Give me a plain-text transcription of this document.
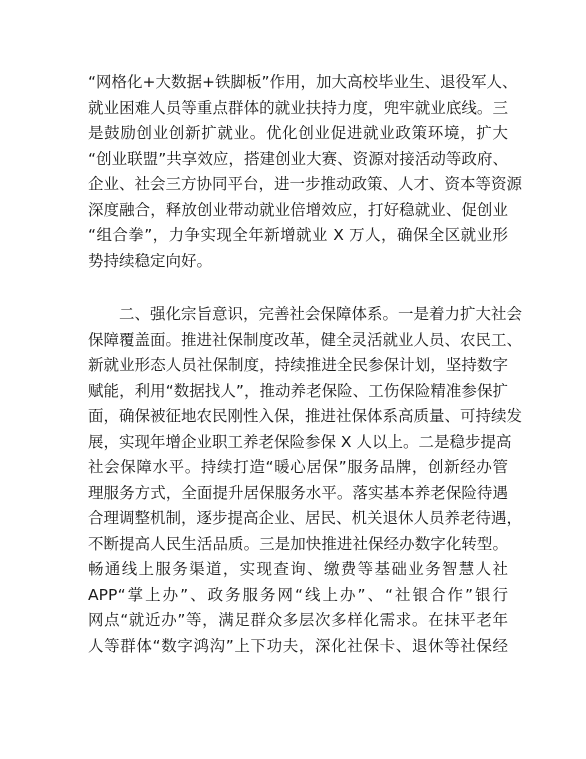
“网格化+大数据+铁脚板”作用，加大高校毕业生、退役军人、
就业困难人员等重点群体的就业扶持力度，兜牢就业底线。三
是鼓励创业创新扩就业。优化创业促进就业政策环境，扩大
“创业联盟”共享效应，搭建创业大赛、资源对接活动等政府、
企业、社会三方协同平台，进一步推动政策、人才、资本等资源
深度融合，释放创业带动就业倍增效应，打好稳就业、促创业
“组合拳”，力争实现全年新增就业 X 万人，确保全区就业形
势持续稳定向好。
二、强化宗旨意识，完善社会保障体系。一是着力扩大社会
保障覆盖面。推进社保制度改革，健全灵活就业人员、农民工、
新就业形态人员社保制度，持续推进全民参保计划，坚持数字
赋能，利用“数据找人”，推动养老保险、工伤保险精准参保扩
面，确保被征地农民刚性入保，推进社保体系高质量、可持续发
展，实现年增企业职工养老保险参保 X 人以上。二是稳步提高
社会保障水平。持续打造“暖心居保”服务品牌，创新经办管
理服务方式，全面提升居保服务水平。落实基本养老保险待遇
合理调整机制，逐步提高企业、居民、机关退休人员养老待遇，
不断提高人民生活品质。三是加快推进社保经办数字化转型。
畅通线上服务渠道，实现查询、缴费等基础业务智慧人社
APP“掌上办”、政务服务网“线上办”、“社银合作”银行
网点“就近办”等，满足群众多层次多样化需求。在抹平老年
人等群体“数字鸿沟”上下功夫，深化社保卡、退休等社保经
